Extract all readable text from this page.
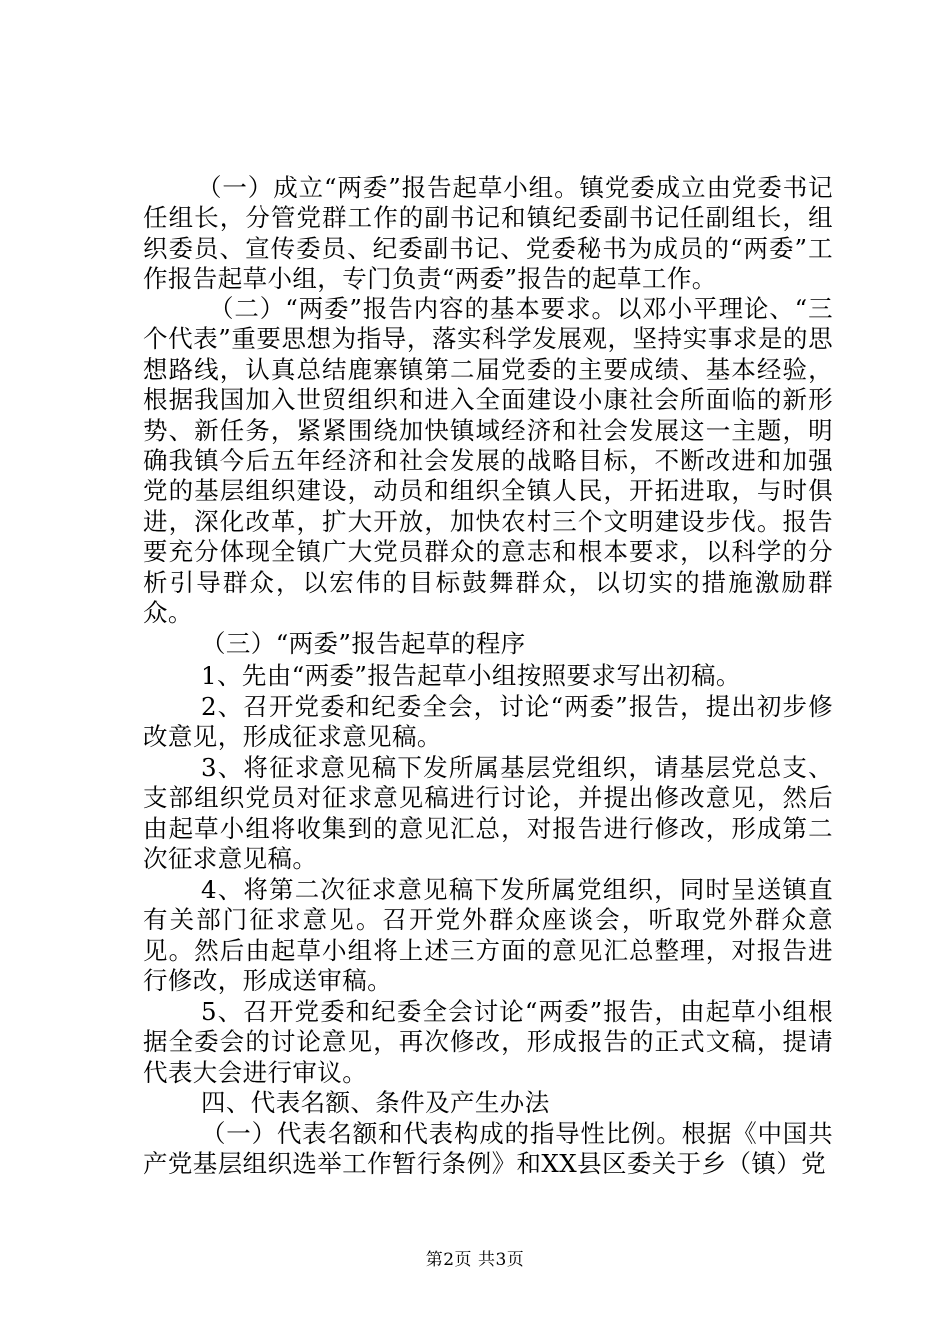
（一）成立“两委”报告起草小组。镇党委成立由党委书记任组长，分管党群工作的副书记和镇纪委副书记任副组长，组织委员、宣传委员、纪委副书记、党委秘书为成员的“两委”工作报告起草小组，专门负责“两委”报告的起草工作。

（二）“两委”报告内容的基本要求。以邓小平理论、“三个代表”重要思想为指导，落实科学发展观，坚持实事求是的思想路线，认真总结鹿寨镇第二届党委的主要成绩、基本经验，根据我国加入世贸组织和进入全面建设小康社会所面临的新形势、新任务，紧紧围绕加快镇域经济和社会发展这一主题，明确我镇今后五年经济和社会发展的战略目标，不断改进和加强党的基层组织建设，动员和组织全镇人民，开拓进取，与时俱进，深化改革，扩大开放，加快农村三个文明建设步伐。报告要充分体现全镇广大党员群众的意志和根本要求，以科学的分析引导群众，以宏伟的目标鼓舞群众，以切实的措施激励群众。

（三）“两委”报告起草的程序

1、先由“两委”报告起草小组按照要求写出初稿。

2、召开党委和纪委全会，讨论“两委”报告，提出初步修改意见，形成征求意见稿。

3、将征求意见稿下发所属基层党组织，请基层党总支、支部组织党员对征求意见稿进行讨论，并提出修改意见，然后由起草小组将收集到的意见汇总，对报告进行修改，形成第二次征求意见稿。

4、将第二次征求意见稿下发所属党组织，同时呈送镇直有关部门征求意见。召开党外群众座谈会，听取党外群众意见。然后由起草小组将上述三方面的意见汇总整理，对报告进行修改，形成送审稿。

5、召开党委和纪委全会讨论“两委”报告，由起草小组根据全委会的讨论意见，再次修改，形成报告的正式文稿，提请代表大会进行审议。

四、代表名额、条件及产生办法

（一）代表名额和代表构成的指导性比例。根据《中国共产党基层组织选举工作暂行条例》和XX县区委关于乡（镇）党

第2页 共3页
